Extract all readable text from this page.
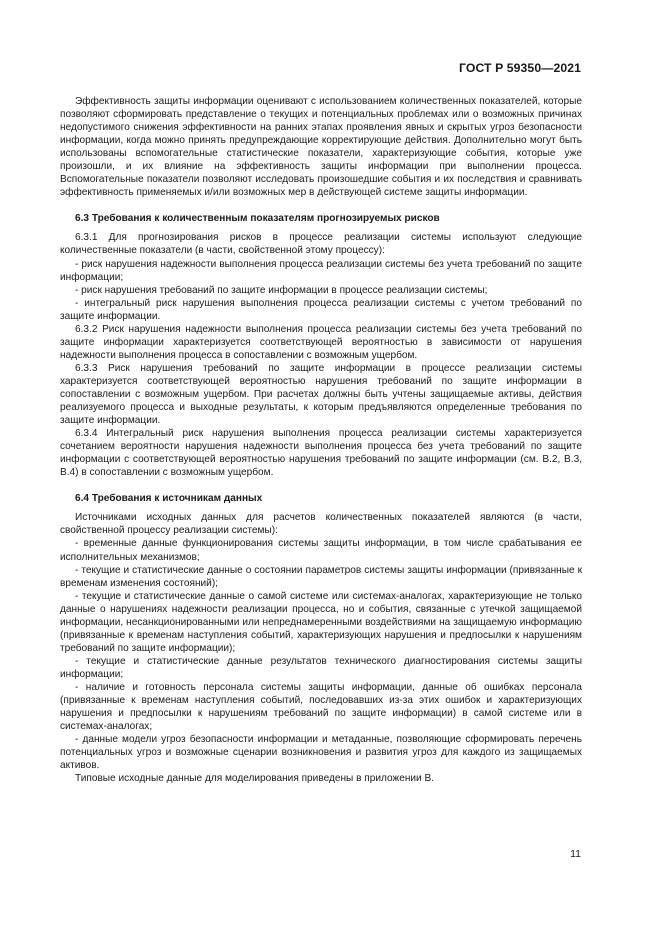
ГОСТ Р 59350—2021

Эффективность защиты информации оценивают с использованием количественных показателей, которые позволяют сформировать представление о текущих и потенциальных проблемах или о возможных причинах недопустимого снижения эффективности на ранних этапах проявления явных и скрытых угроз безопасности информации, когда можно принять предупреждающие корректирующие действия. Дополнительно могут быть использованы вспомогательные статистические показатели, характеризующие события, которые уже произошли, и их влияние на эффективность защиты информации при выполнении процесса. Вспомогательные показатели позволяют исследовать произошедшие события и их последствия и сравнивать эффективность применяемых и/или возможных мер в действующей системе защиты информации.

6.3 Требования к количественным показателям прогнозируемых рисков

6.3.1 Для прогнозирования рисков в процессе реализации системы используют следующие количественные показатели (в части, свойственной этому процессу):

- риск нарушения надежности выполнения процесса реализации системы без учета требований по защите информации;

- риск нарушения требований по защите информации в процессе реализации системы;

- интегральный риск нарушения выполнения процесса реализации системы с учетом требований по защите информации.

6.3.2 Риск нарушения надежности выполнения процесса реализации системы без учета требований по защите информации характеризуется соответствующей вероятностью в зависимости от нарушения надежности выполнения процесса в сопоставлении с возможным ущербом.

6.3.3 Риск нарушения требований по защите информации в процессе реализации системы характеризуется соответствующей вероятностью нарушения требований по защите информации в сопоставлении с возможным ущербом. При расчетах должны быть учтены защищаемые активы, действия реализуемого процесса и выходные результаты, к которым предъявляются определенные требования по защите информации.

6.3.4 Интегральный риск нарушения выполнения процесса реализации системы характеризуется сочетанием вероятности нарушения надежности выполнения процесса без учета требований по защите информации с соответствующей вероятностью нарушения требований по защите информации (см. В.2, В.3, В.4) в сопоставлении с возможным ущербом.

6.4 Требования к источникам данных

Источниками исходных данных для расчетов количественных показателей являются (в части, свойственной процессу реализации системы):

- временные данные функционирования системы защиты информации, в том числе срабатывания ее исполнительных механизмов;

- текущие и статистические данные о состоянии параметров системы защиты информации (привязанные к временам изменения состояний);

- текущие и статистические данные о самой системе или системах-аналогах, характеризующие не только данные о нарушениях надежности реализации процесса, но и события, связанные с утечкой защищаемой информации, несанкционированными или непреднамеренными воздействиями на защищаемую информацию (привязанные к временам наступления событий, характеризующих нарушения и предпосылки к нарушениям требований по защите информации);

- текущие и статистические данные результатов технического диагностирования системы защиты информации;

- наличие и готовность персонала системы защиты информации, данные об ошибках персонала (привязанные к временам наступления событий, последовавших из-за этих ошибок и характеризующих нарушения и предпосылки к нарушениям требований по защите информации) в самой системе или в системах-аналогах;

- данные модели угроз безопасности информации и метаданные, позволяющие сформировать перечень потенциальных угроз и возможные сценарии возникновения и развития угроз для каждого из защищаемых активов.

Типовые исходные данные для моделирования приведены в приложении В.

11
